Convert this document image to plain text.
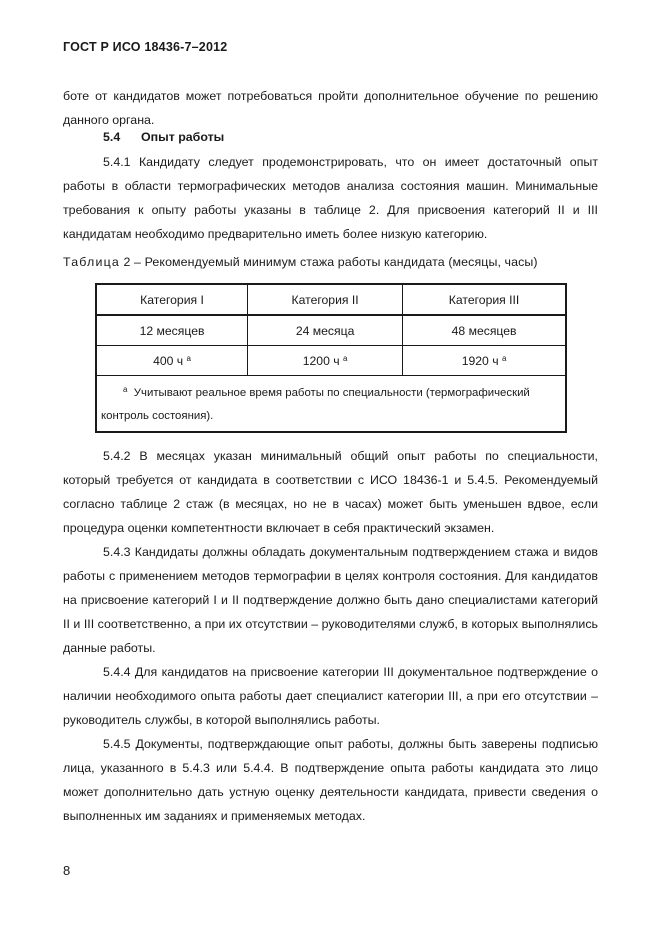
ГОСТ Р ИСО 18436-7–2012

боте от кандидатов может потребоваться пройти дополнительное обучение по решению данного органа.

5.4 Опыт работы

5.4.1 Кандидату следует продемонстрировать, что он имеет достаточный опыт работы в области термографических методов анализа состояния машин. Минимальные требования к опыту работы указаны в таблице 2. Для присвоения категорий II и III кандидатам необходимо предварительно иметь более низкую категорию.

Таблица 2 – Рекомендуемый минимум стажа работы кандидата (месяцы, часы)
Категория I	Категория II	Категория III
12 месяцев	24 месяца	48 месяцев
400 ч $^а$	1200 ч $^а$	1920 ч $^а$
$^а$ Учитывают реальное время работы по специальности (термографический контроль состояния).		

5.4.2 В месяцах указан минимальный общий опыт работы по специальности, который требуется от кандидата в соответствии с ИСО 18436-1 и 5.4.5. Рекомендуемый согласно таблице 2 стаж (в месяцах, но не в часах) может быть уменьшен вдвое, если процедура оценки компетентности включает в себя практический экзамен.

5.4.3 Кандидаты должны обладать документальным подтверждением стажа и видов работы с применением методов термографии в целях контроля состояния. Для кандидатов на присвоение категорий I и II подтверждение должно быть дано специалистами категорий II и III соответственно, а при их отсутствии – руководителями служб, в которых выполнялись данные работы.

5.4.4 Для кандидатов на присвоение категории III документальное подтверждение о наличии необходимого опыта работы дает специалист категории III, а при его отсутствии – руководитель службы, в которой выполнялись работы.

5.4.5 Документы, подтверждающие опыт работы, должны быть заверены подписью лица, указанного в 5.4.3 или 5.4.4. В подтверждение опыта работы кандидата это лицо может дополнительно дать устную оценку деятельности кандидата, привести сведения о выполненных им заданиях и применяемых методах.

8
